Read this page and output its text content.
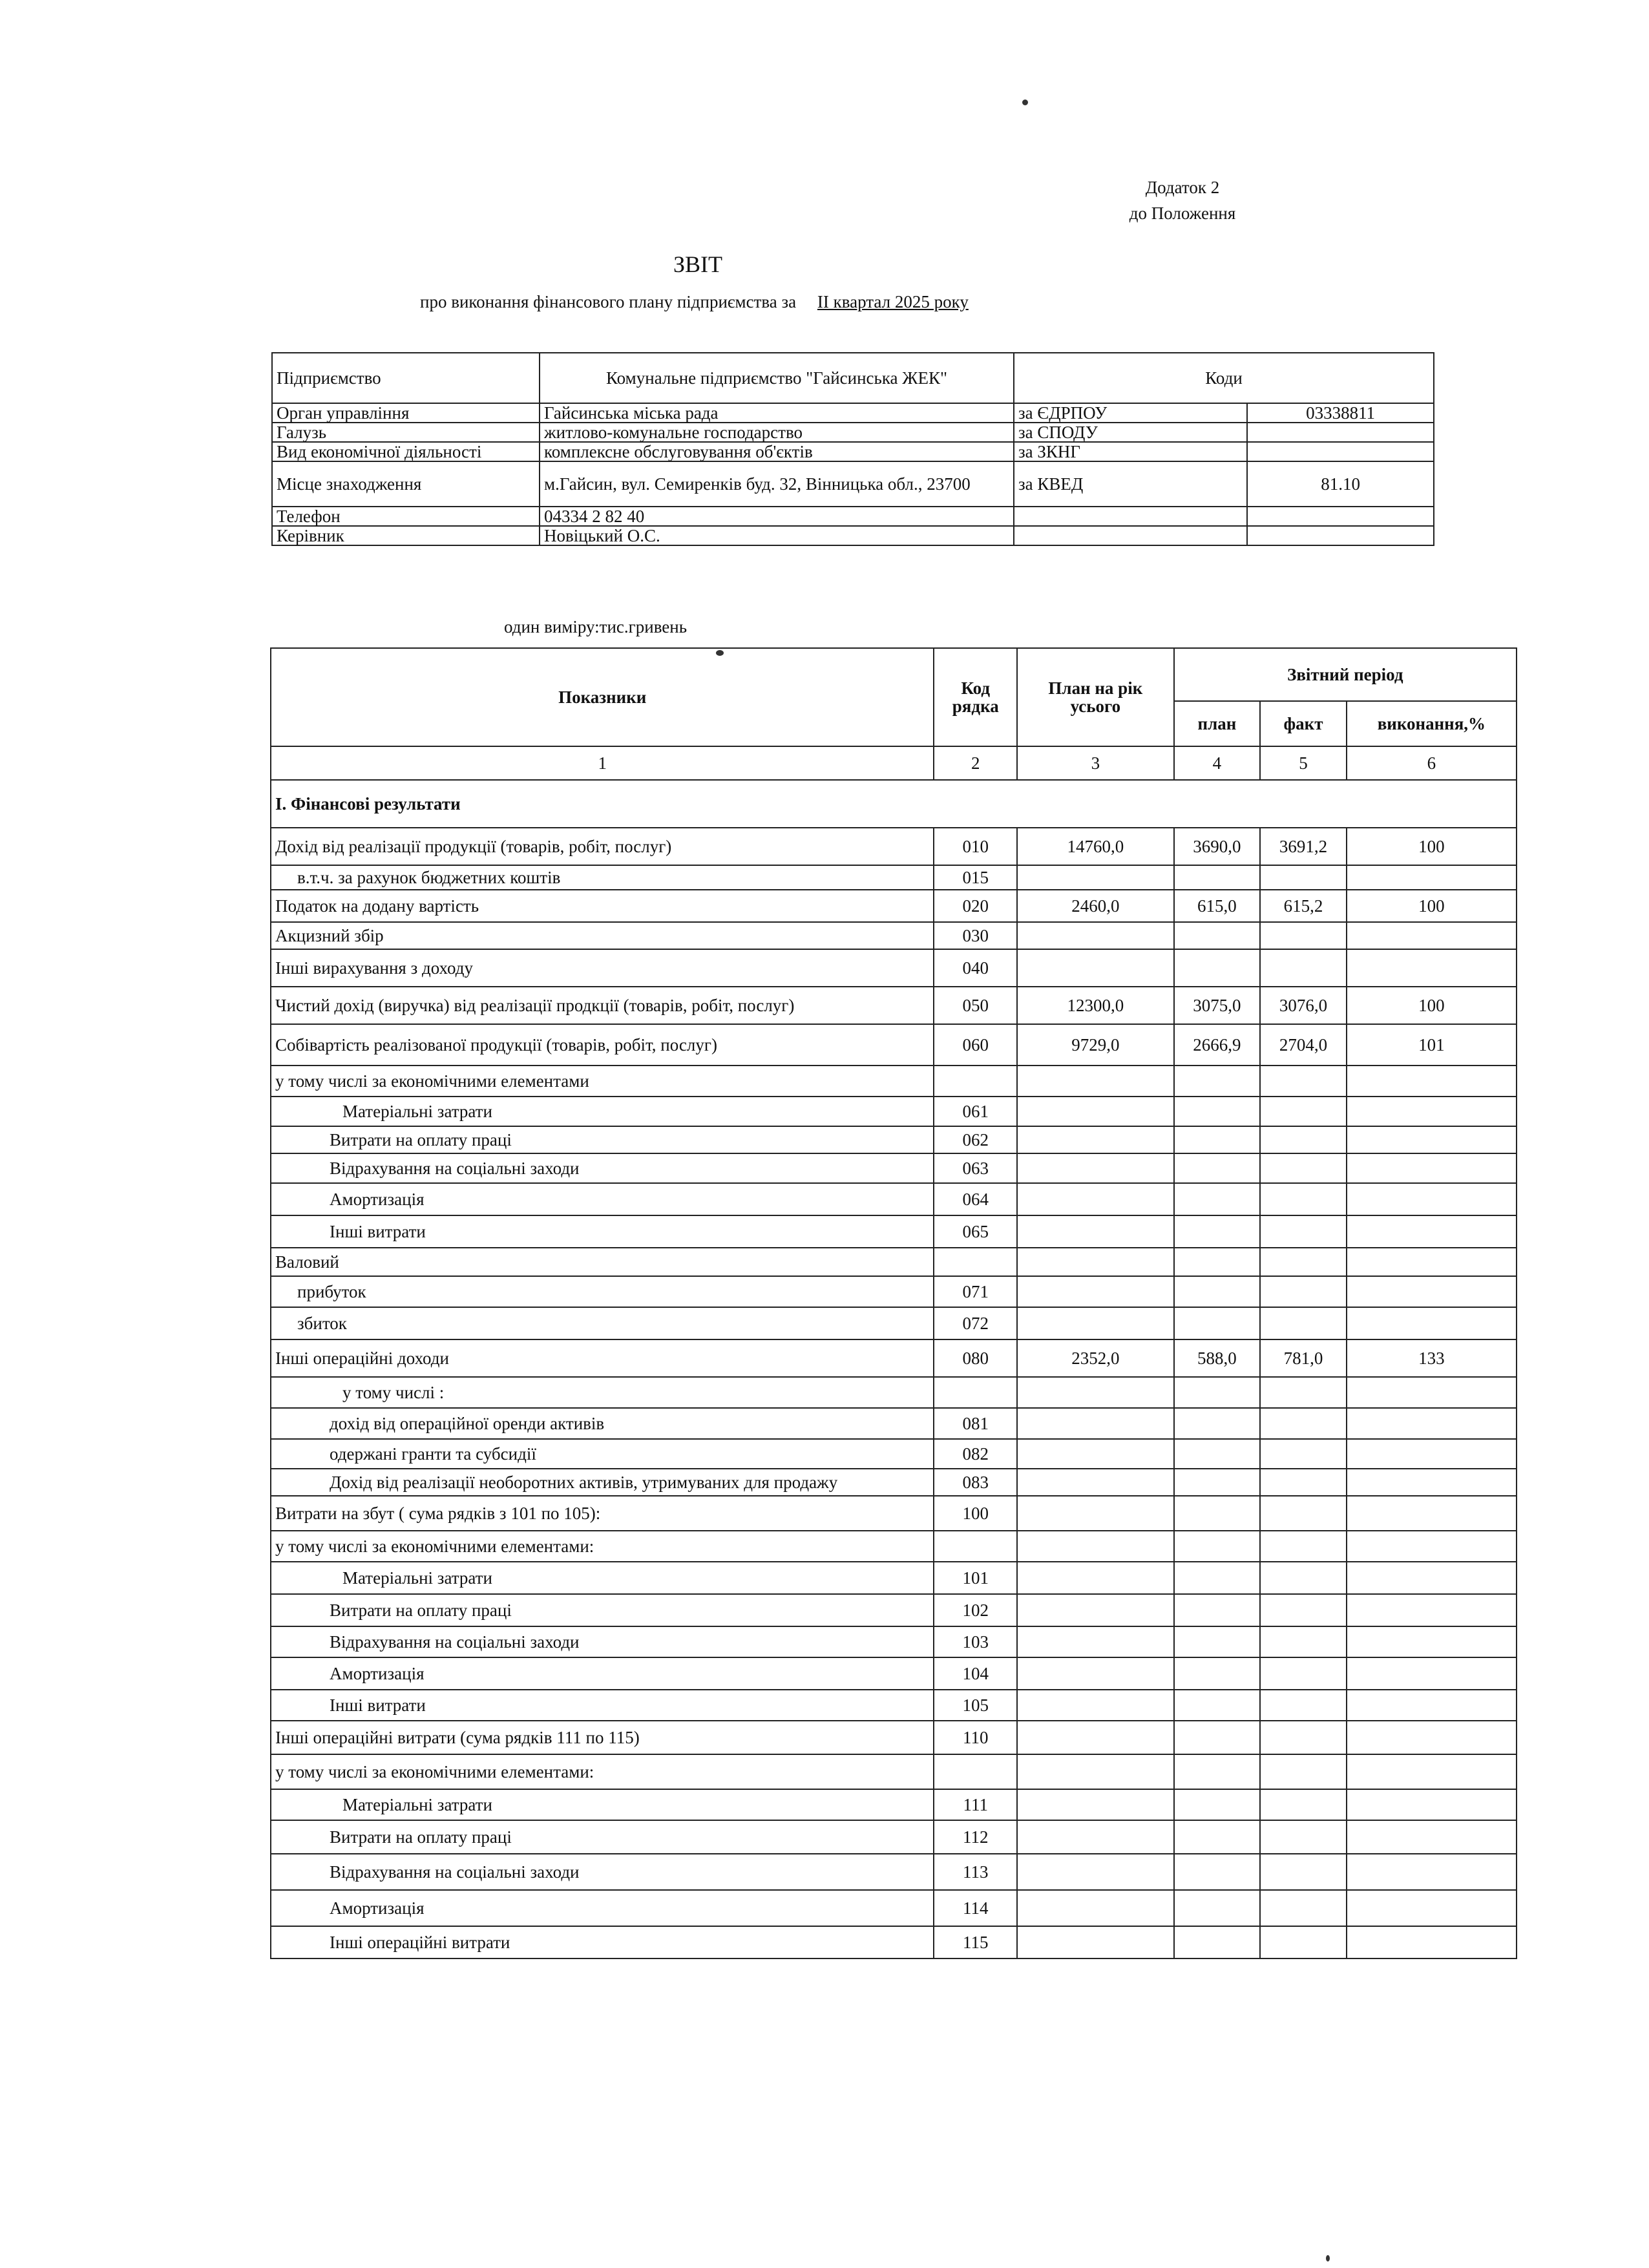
Додаток 2
до Положення
ЗВІТ
про виконання фінансового плану підприємства за II квартал 2025 року
Підприємство	Комунальне підприємство "Гайсинська ЖЕК"	Коди	
Орган управління	Гайсинська міська рада	за ЄДРПОУ	03338811
Галузь	житлово-комунальне господарство	за СПОДУ	
Вид економічної діяльності	комплексне обслуговування об'єктів	за ЗКНГ	
Місце знаходження	м.Гайсин, вул. Семиренків буд. 32, Вінницька обл., 23700	за КВЕД	81.10
Телефон	04334 2 82 40		
Керівник	Новіцький О.С.		
один виміру:тис.гривень
Показники	Код рядка	План на рік усього	Звітний період		
			план	факт	виконання,%
1	2	3	4	5	6
І. Фінансові результати					
Дохід від реалізації продукції (товарів, робіт, послуг)	010	14760,0	3690,0	3691,2	100
в.т.ч. за рахунок бюджетних коштів	015				
Податок на додану вартість	020	2460,0	615,0	615,2	100
Акцизний збір	030				
Інші вирахування з доходу	040				
Чистий дохід (виручка) від реалізації продкції (товарів, робіт, послуг)	050	12300,0	3075,0	3076,0	100
Собівартість реалізованої продукції (товарів, робіт, послуг)	060	9729,0	2666,9	2704,0	101
у тому числі за економічними елементами					
Матеріальні затрати	061				
Витрати на оплату праці	062				
Відрахування на соціальні заходи	063				
Амортизація	064				
Інші витрати	065				
Валовий					
прибуток	071				
збиток	072				
Інші операційні доходи	080	2352,0	588,0	781,0	133
у тому числі :					
дохід від операційної оренди активів	081				
одержані гранти та субсидії	082				
Дохід від реалізації необоротних активів, утримуваних для продажу	083				
Витрати на збут ( сума рядків з 101 по 105):	100				
у тому числі за економічними елементами:					
Матеріальні затрати	101				
Витрати на оплату праці	102				
Відрахування на соціальні заходи	103				
Амортизація	104				
Інші витрати	105				
Інші операційні витрати (сума рядків 111 по 115)	110				
у тому числі за економічними елементами:					
Матеріальні затрати	111				
Витрати на оплату праці	112				
Відрахування на соціальні заходи	113				
Амортизація	114				
Інші операційні витрати	115				
